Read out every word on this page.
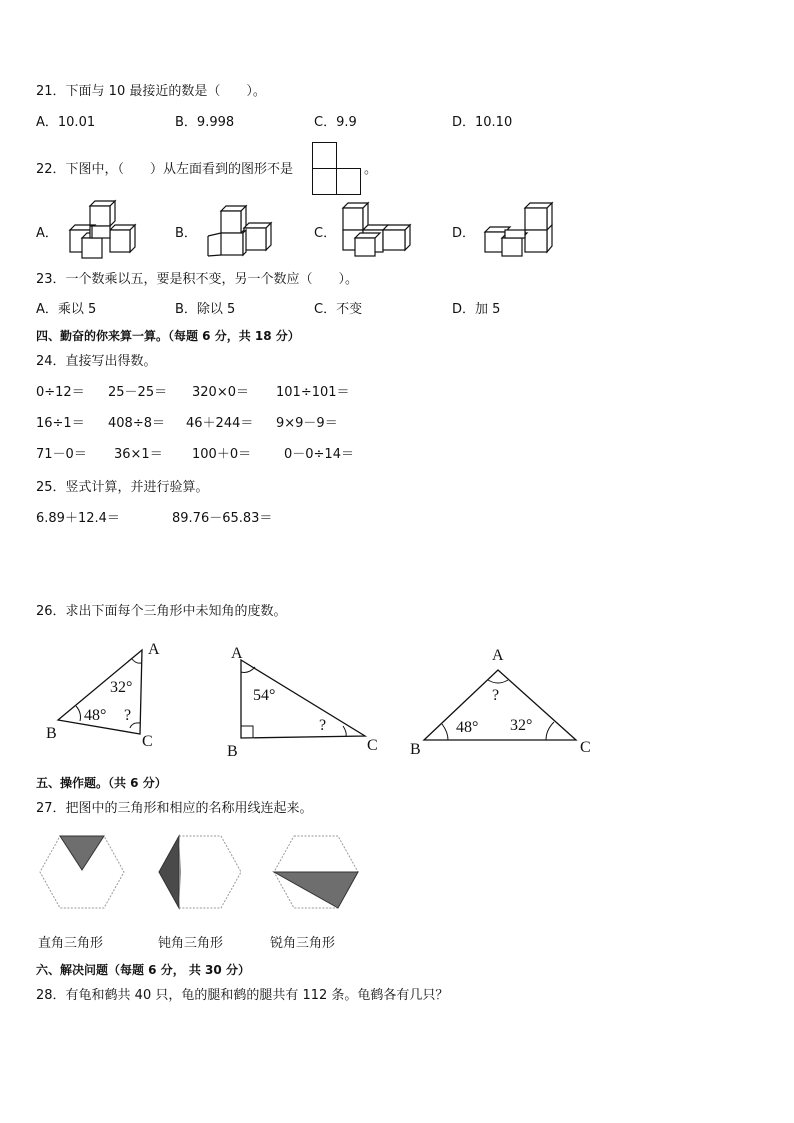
21．下面与 10 最接近的数是（　　）。
A．10.01	B．9.998	C．9.9	D．10.10
22．下图中，（　　）从左面看到的图形不是	。
A．	B．	C．	D．
23．一个数乘以五，要是积不变，另一个数应（　　）。
A．乘以 5	B．除以 5	C．不变	D．加 5
四、勤奋的你来算一算。（每题 6 分，共 18 分）
24．直接写出得数。
0÷12＝ 25－25＝ 320×0＝ 101÷101＝
16÷1＝ 408÷8＝ 46＋244＝ 9×9－9＝
71－0＝ 36×1＝ 100＋0＝	0－0÷14＝
25．竖式计算，并进行验算。
6.89＋12.4＝	89.76－65.83＝
26．求出下面每个三角形中未知角的度数。
A
B	C
32°
48° ?
A
B	C
54°
?
A
B	C
?
48° 32°
五、操作题。（共 6 分）
27．把图中的三角形和相应的名称用线连起来。
直角三角形	钝角三角形	锐角三角形
六、解决问题（每题 6 分， 共 30 分）
28．有龟和鹤共 40 只，龟的腿和鹤的腿共有 112 条。龟鹤各有几只？
